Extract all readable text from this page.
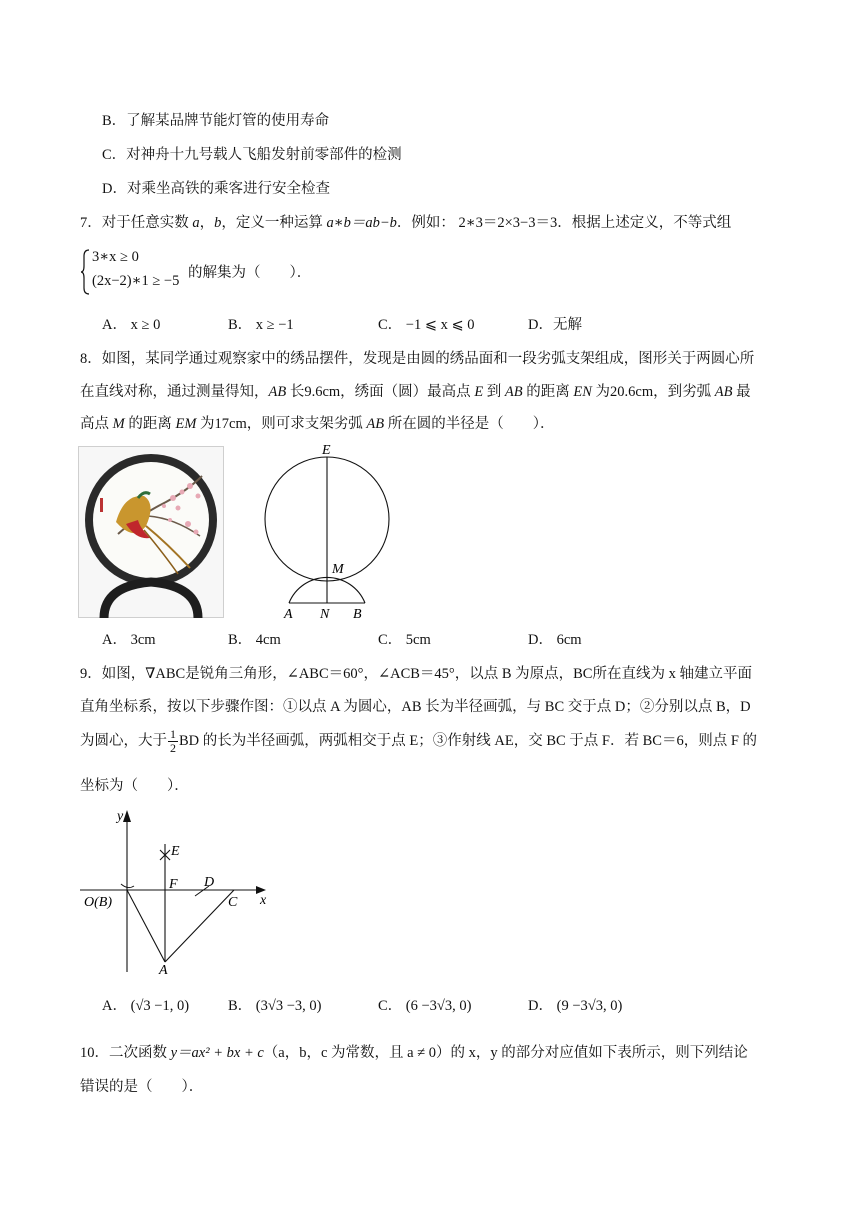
B．了解某品牌节能灯管的使用寿命
C．对神舟十九号载人飞船发射前零部件的检测
D．对乘坐高铁的乘客进行安全检查
7．对于任意实数 a，b，定义一种运算 a∗b＝ab−b．例如： 2∗3＝2×3−3＝3．根据上述定义，不等式组
3∗x ≥ 0
(2x−2)∗1 ≥ −5 的解集为（　　）．
A． x ≥ 0	B． x ≥ −1	C． −1 ⩽ x ⩽ 0	D．无解
8．如图，某同学通过观察家中的绣品摆件，发现是由圆的绣品面和一段劣弧支架组成，图形关于两圆心所
在直线对称，通过测量得知，AB 长9.6cm，绣面（圆）最高点 E 到 AB 的距离 EN 为20.6cm，到劣弧 AB 最
高点 M 的距离 EM 为17cm，则可求支架劣弧 AB 所在圆的半径是（　　）．
E
M
A N B
A． 3cm	B． 4cm	C． 5cm	D． 6cm
9．如图，∇ABC是锐角三角形，∠ABC＝60°，∠ACB＝45°，以点 B 为原点，BC所在直线为 x 轴建立平面
直角坐标系，按以下步骤作图：①以点 A 为圆心，AB 长为半径画弧，与 BC 交于点 D；②分别以点 B，D
为圆心，大于 $\frac{1}{2}$ BD 的长为半径画弧，两弧相交于点 E；③作射线 AE，交 BC 于点 F．若 BC＝6，则点 F 的
坐标为（　　）．
y
x
O(B)
E
F D
C
A
A． (√3 −1, 0)	B． (3√3 −3, 0)	C． (6 −3√3, 0)	D． (9 −3√3, 0)
10．二次函数 y＝ax² + bx + c（a，b，c 为常数，且 a ≠ 0）的 x，y 的部分对应值如下表所示，则下列结论
错误的是（　　）．
